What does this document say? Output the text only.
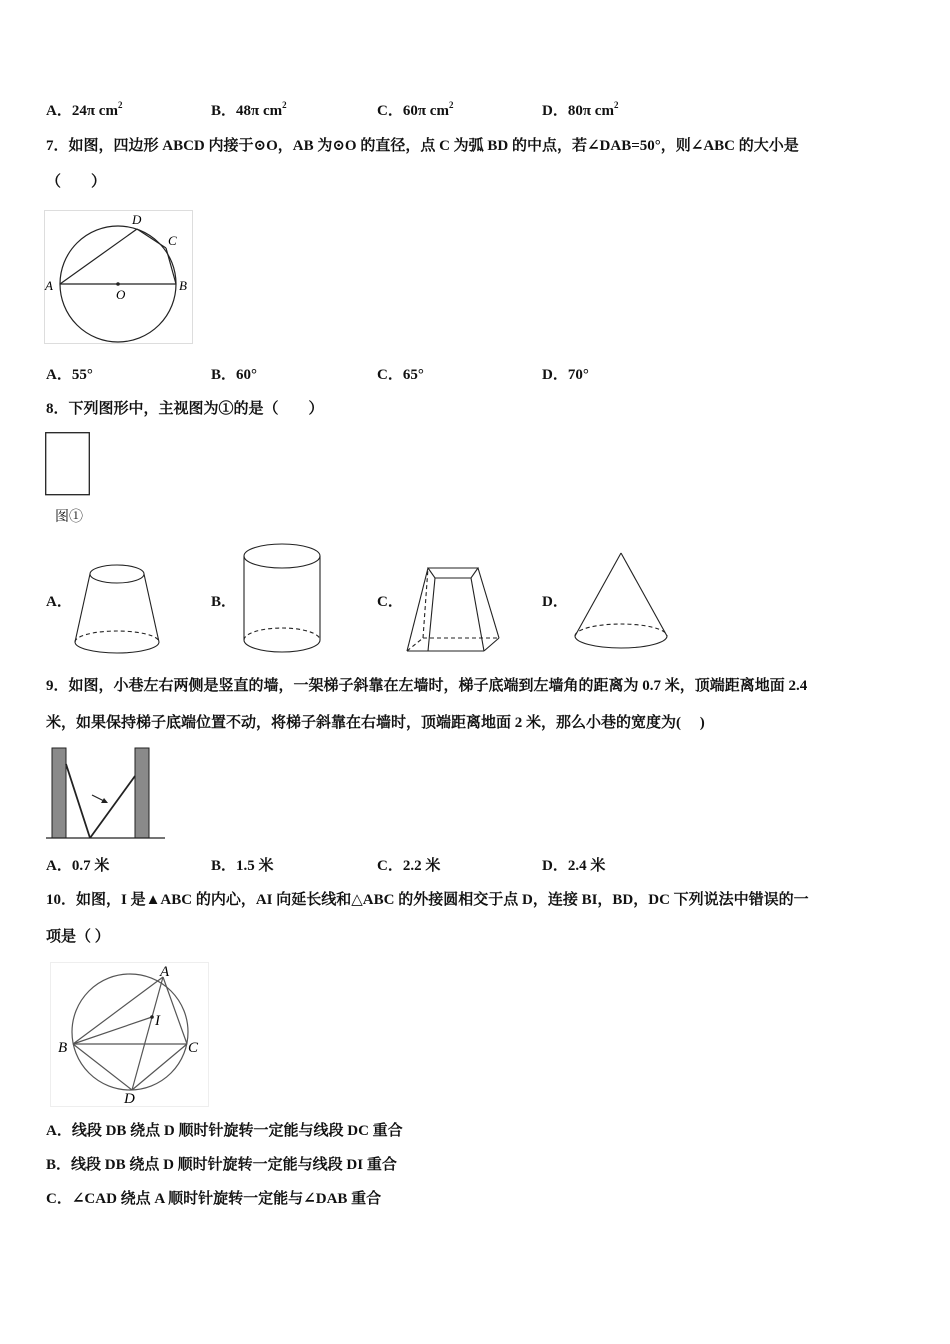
A．24π $cm^2$	B．48π $cm^2$	C．60π $cm^2$	D．80π $cm^2$
7．如图，四边形 ABCD 内接于⊙O，AB 为⊙O 的直径，点 C 为弧 BD 的中点，若∠DAB=50°，则∠ABC 的大小是
（　　）
A	B
C
D
O
A．55°	B．60°	C．65°	D．70°
8．下列图形中，主视图为①的是（　　）
图①
A．	B．	C．	D．
9．如图，小巷左右两侧是竖直的墙，一架梯子斜靠在左墙时，梯子底端到左墙角的距离为 0.7 米，顶端距离地面 2.4
米，如果保持梯子底端位置不动，将梯子斜靠在右墙时，顶端距离地面 2 米，那么小巷的宽度为(　 )
A．0.7 米	B．1.5 米	C．2.2 米	D．2.4 米
10．如图，I 是▲ABC 的内心，AI 向延长线和△ABC 的外接圆相交于点 D，连接 BI，BD，DC 下列说法中错误的一
项是（ ）
A
B	C
D
I
A．线段 DB 绕点 D 顺时针旋转一定能与线段 DC 重合
B．线段 DB 绕点 D 顺时针旋转一定能与线段 DI 重合
C．∠CAD 绕点 A 顺时针旋转一定能与∠DAB 重合
